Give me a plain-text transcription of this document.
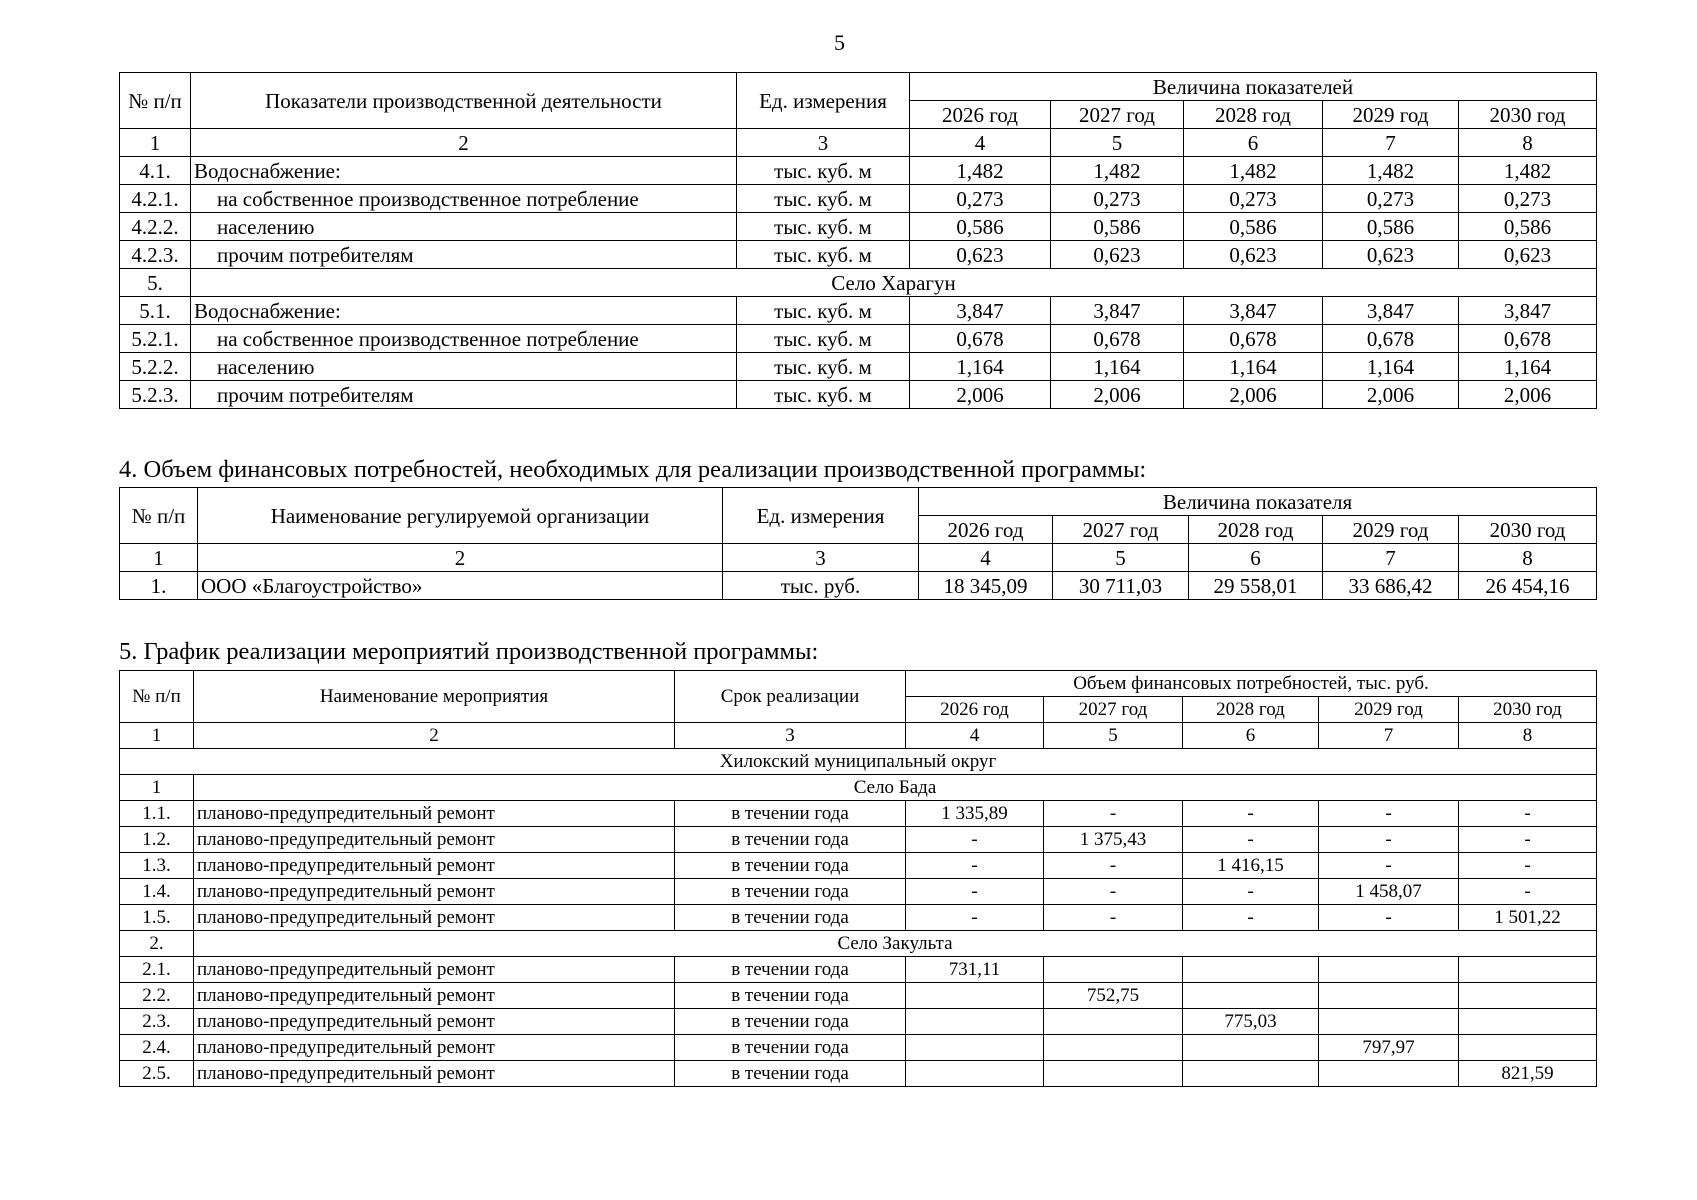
5
№ п/п	Показатели производственной деятельности	Ед. измерения	Величина показателей				
			2026 год	2027 год	2028 год	2029 год	2030 год
1	2	3	4	5	6	7	8
4.1.	Водоснабжение:	тыс. куб. м	1,482	1,482	1,482	1,482	1,482
4.2.1.	на собственное производственное потребление	тыс. куб. м	0,273	0,273	0,273	0,273	0,273
4.2.2.	населению	тыс. куб. м	0,586	0,586	0,586	0,586	0,586
4.2.3.	прочим потребителям	тыс. куб. м	0,623	0,623	0,623	0,623	0,623
5.	Село Харагун						
5.1.	Водоснабжение:	тыс. куб. м	3,847	3,847	3,847	3,847	3,847
5.2.1.	на собственное производственное потребление	тыс. куб. м	0,678	0,678	0,678	0,678	0,678
5.2.2.	населению	тыс. куб. м	1,164	1,164	1,164	1,164	1,164
5.2.3.	прочим потребителям	тыс. куб. м	2,006	2,006	2,006	2,006	2,006
4. Объем финансовых потребностей, необходимых для реализации производственной программы:
№ п/п	Наименование регулируемой организации	Ед. измерения	Величина показателя				
			2026 год	2027 год	2028 год	2029 год	2030 год
1	2	3	4	5	6	7	8
1.	ООО «Благоустройство»	тыс. руб.	18 345,09	30 711,03	29 558,01	33 686,42	26 454,16
5. График реализации мероприятий производственной программы:
№ п/п	Наименование мероприятия	Срок реализации	Объем финансовых потребностей, тыс. руб.				
			2026 год	2027 год	2028 год	2029 год	2030 год
1	2	3	4	5	6	7	8
Хилокский муниципальный округ							
1	Село Бада						
1.1.	планово-предупредительный ремонт	в течении года	1 335,89	-	-	-	-
1.2.	планово-предупредительный ремонт	в течении года	-	1 375,43	-	-	-
1.3.	планово-предупредительный ремонт	в течении года	-	-	1 416,15	-	-
1.4.	планово-предупредительный ремонт	в течении года	-	-	-	1 458,07	-
1.5.	планово-предупредительный ремонт	в течении года	-	-	-	-	1 501,22
2.	Село Закульта						
2.1.	планово-предупредительный ремонт	в течении года	731,11				
2.2.	планово-предупредительный ремонт	в течении года		752,75			
2.3.	планово-предупредительный ремонт	в течении года			775,03		
2.4.	планово-предупредительный ремонт	в течении года				797,97	
2.5.	планово-предупредительный ремонт	в течении года					821,59
